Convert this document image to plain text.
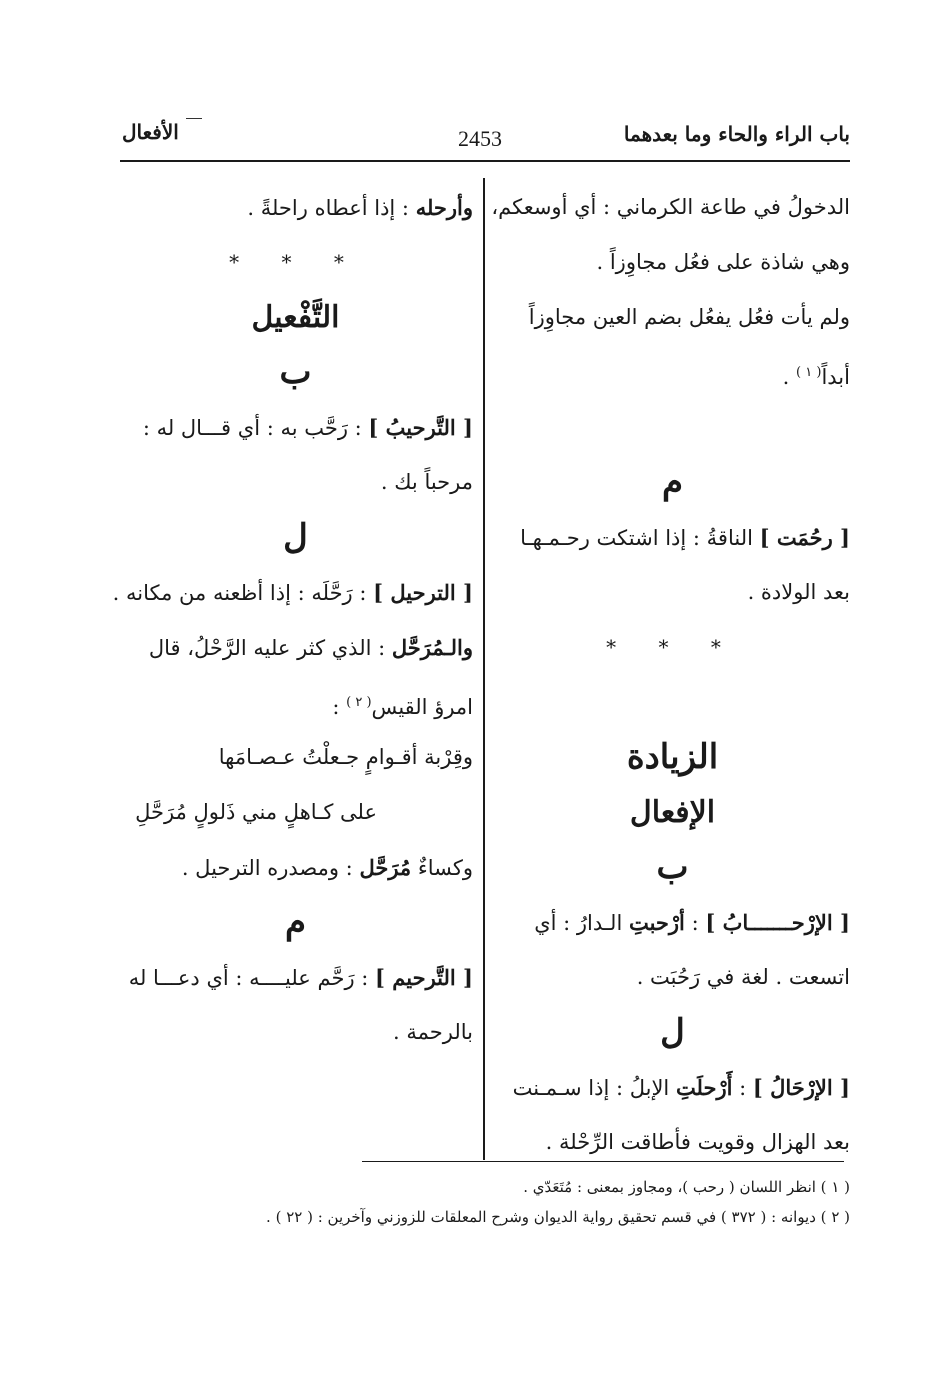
باب الراء والحاء وما بعدهما
2453
الأفعال
الدخولُ في طاعة الكرماني : أي أوسعكم،
وهي شاذة على فعُل مجاوِزاً .
ولم يأت فعُل يفعُل بضم العين مجاوِزاً
أبداً$^{( ١ )}$ .
م
[ رحُمَت ] الناقةُ : إذا اشتكت رحـمـهـا
بعد الولادة .
* * *
الزيادة
الإفعال
ب
[ الإرْحـــــــابُ ] : أرْحبتِ الـدارُ : أي
اتسعت . لغة في رَحُبَت .
ل
[ الإرْحَالُ ] : أَرْحلَتِ الإبلُ : إذا سـمـنت
بعد الهزال وقويت فأطاقت الرِّحْلة .
وأرحله : إذا أعطاه راحلةً .
* * *
التَّفْعيل
ب
[ التَّرحيبُ ] : رَحَّب به : أي قـــال له :
مرحباً بك .
ل
[ الترحيل ] : رَحَّلَه : إذا أظعنه من مكانه .
والـمُرَحَّل : الذي كثر عليه الرَّحْلُ، قال
امرؤ القيس$^{( ٢ )}$ :
وقِرْبة أقـوامٍ جـعلْتُ عـصـامَها
على كـاهلٍ مني ذَلولٍ مُرَحَّلِ
وكساءٌ مُرَحَّل : ومصدره الترحيل .
م
[ التَّرحيم ] : رَحَّم عليــــه : أي دعـــا له
بالرحمة .
( ١ ) انظر اللسان ( رحب )، ومجاوز بمعنى : مُتَعَدّي .
( ٢ ) ديوانه : ( ٣٧٢ ) في قسم تحقيق رواية الديوان وشرح المعلقات للزوزني وآخرين : ( ٢٢ ) .
